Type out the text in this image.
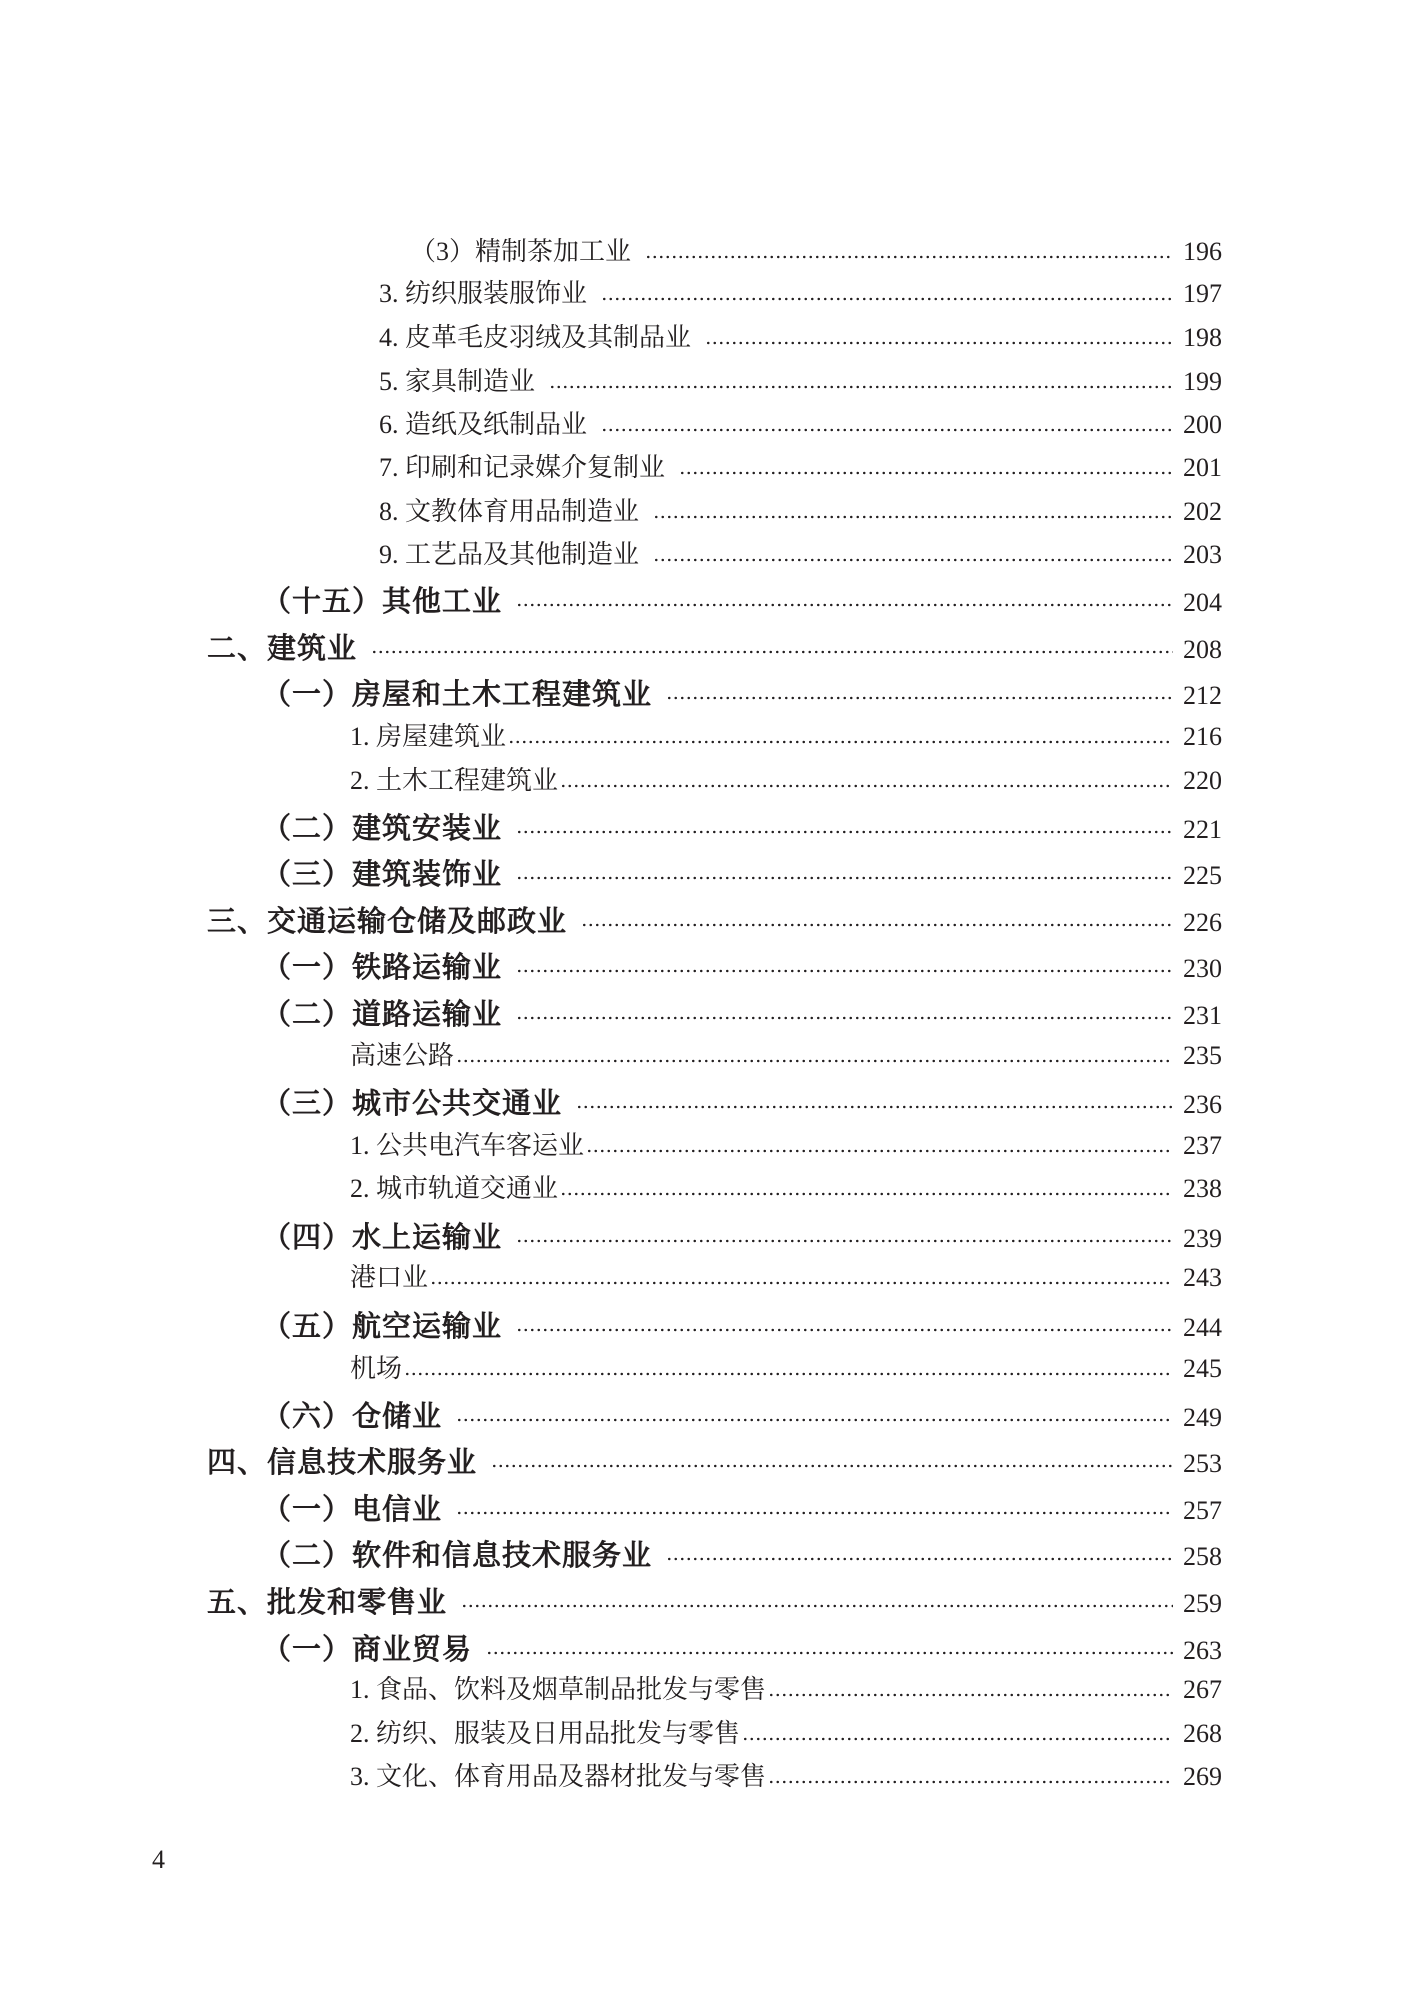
（3）精制茶加工业	196
3. 纺织服装服饰业	197
4. 皮革毛皮羽绒及其制品业	198
5. 家具制造业	199
6. 造纸及纸制品业	200
7. 印刷和记录媒介复制业	201
8. 文教体育用品制造业	202
9. 工艺品及其他制造业	203
（十五）其他工业	204
二、建筑业	208
（一）房屋和土木工程建筑业	212
1. 房屋建筑业	216
2. 土木工程建筑业	220
（二）建筑安装业	221
（三）建筑装饰业	225
三、交通运输仓储及邮政业	226
（一）铁路运输业	230
（二）道路运输业	231
高速公路	235
（三）城市公共交通业	236
1. 公共电汽车客运业	237
2. 城市轨道交通业	238
（四）水上运输业	239
港口业	243
（五）航空运输业	244
机场	245
（六）仓储业	249
四、信息技术服务业	253
（一）电信业	257
（二）软件和信息技术服务业	258
五、批发和零售业	259
（一）商业贸易	263
1. 食品、饮料及烟草制品批发与零售	267
2. 纺织、服装及日用品批发与零售	268
3. 文化、体育用品及器材批发与零售	269
4
